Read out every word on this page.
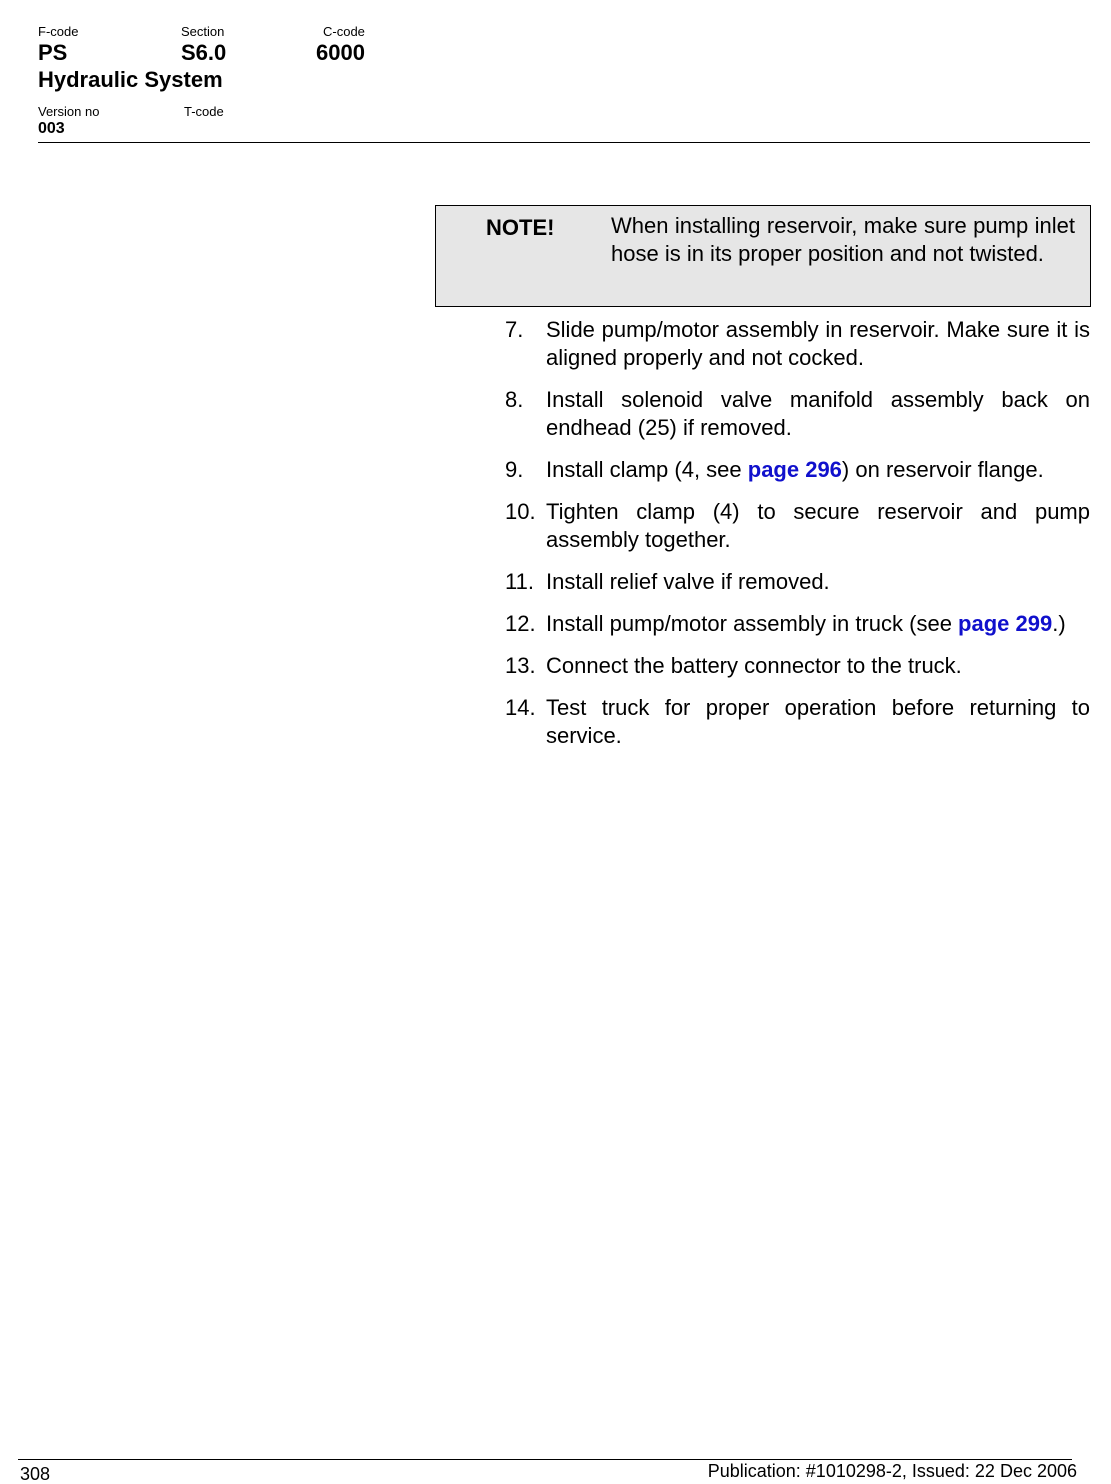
F-code
PS
Section
S6.0
C-code
6000
Hydraulic System
Version no
003
T-code
NOTE!	When installing reservoir, make sure pump inlet hose is in its proper position and not twisted.
7. Slide pump/motor assembly in reservoir. Make sure it is aligned properly and not cocked.
8. Install solenoid valve manifold assembly back on endhead (25) if removed.
9. Install clamp (4, see page 296) on reservoir flange.
10. Tighten clamp (4) to secure reservoir and pump assembly together.
11. Install relief valve if removed.
12. Install pump/motor assembly in truck (see page 299.)
13. Connect the battery connector to the truck.
14. Test truck for proper operation before returning to service.
308	Publication: #1010298-2, Issued: 22 Dec 2006
